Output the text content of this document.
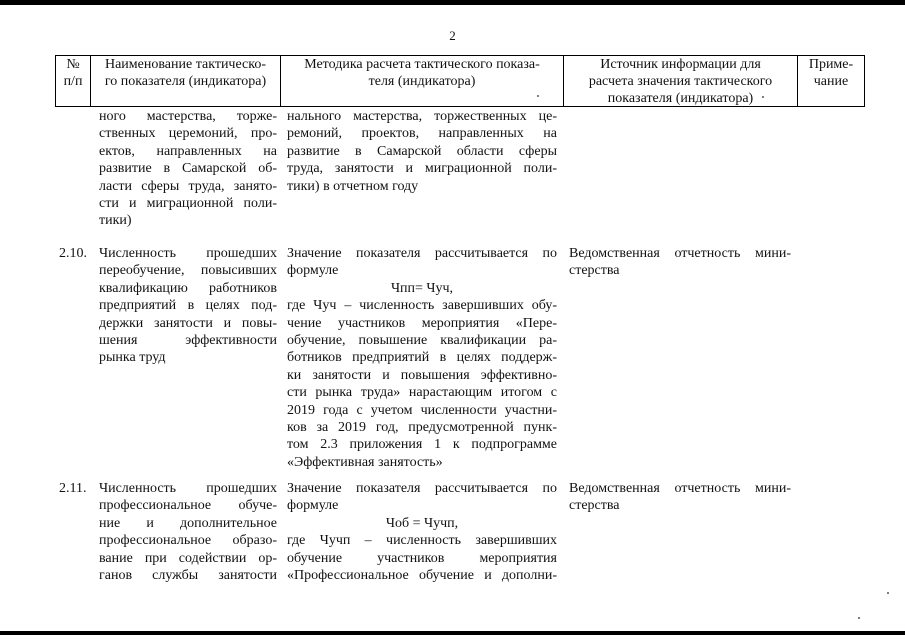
2
№
п/п
Наименование тактическо-
го показателя (индикатора)
Методика расчета тактического показа-
теля (индикатора)
Источник информации для
расчета значения тактического
показателя (индикатора)
Приме-
чание
ного мастерства, торже-
ственных церемоний, про-
ектов, направленных на
развитие в Самарской об-
ласти сферы труда, занято-
сти и миграционной поли-
тики)
нального мастерства, торжественных це-
ремоний, проектов, направленных на
развитие в Самарской области сферы
труда, занятости и миграционной поли-
тики) в отчетном году
2.10. Численность прошедших
переобучение, повысивших
квалификацию работников
предприятий в целях под-
держки занятости и повы-
шения эффективности
рынка труд
Значение показателя рассчитывается по
формуле
Чпп= Чуч,
где Чуч – численность завершивших обу-
чение участников мероприятия «Пере-
обучение, повышение квалификации ра-
ботников предприятий в целях поддерж-
ки занятости и повышения эффективно-
сти рынка труда» нарастающим итогом с
2019 года с учетом численности участни-
ков за 2019 год, предусмотренной пунк-
том 2.3 приложения 1 к подпрограмме
«Эффективная занятость»
Ведомственная отчетность мини-
стерства
2.11. Численность прошедших
профессиональное обуче-
ние и дополнительное
профессиональное образо-
вание при содействии ор-
ганов службы занятости
Значение показателя рассчитывается по
формуле
Чоб = Чучп,
где Чучп – численность завершивших
обучение участников мероприятия
«Профессиональное обучение и дополни-
Ведомственная отчетность мини-
стерства
